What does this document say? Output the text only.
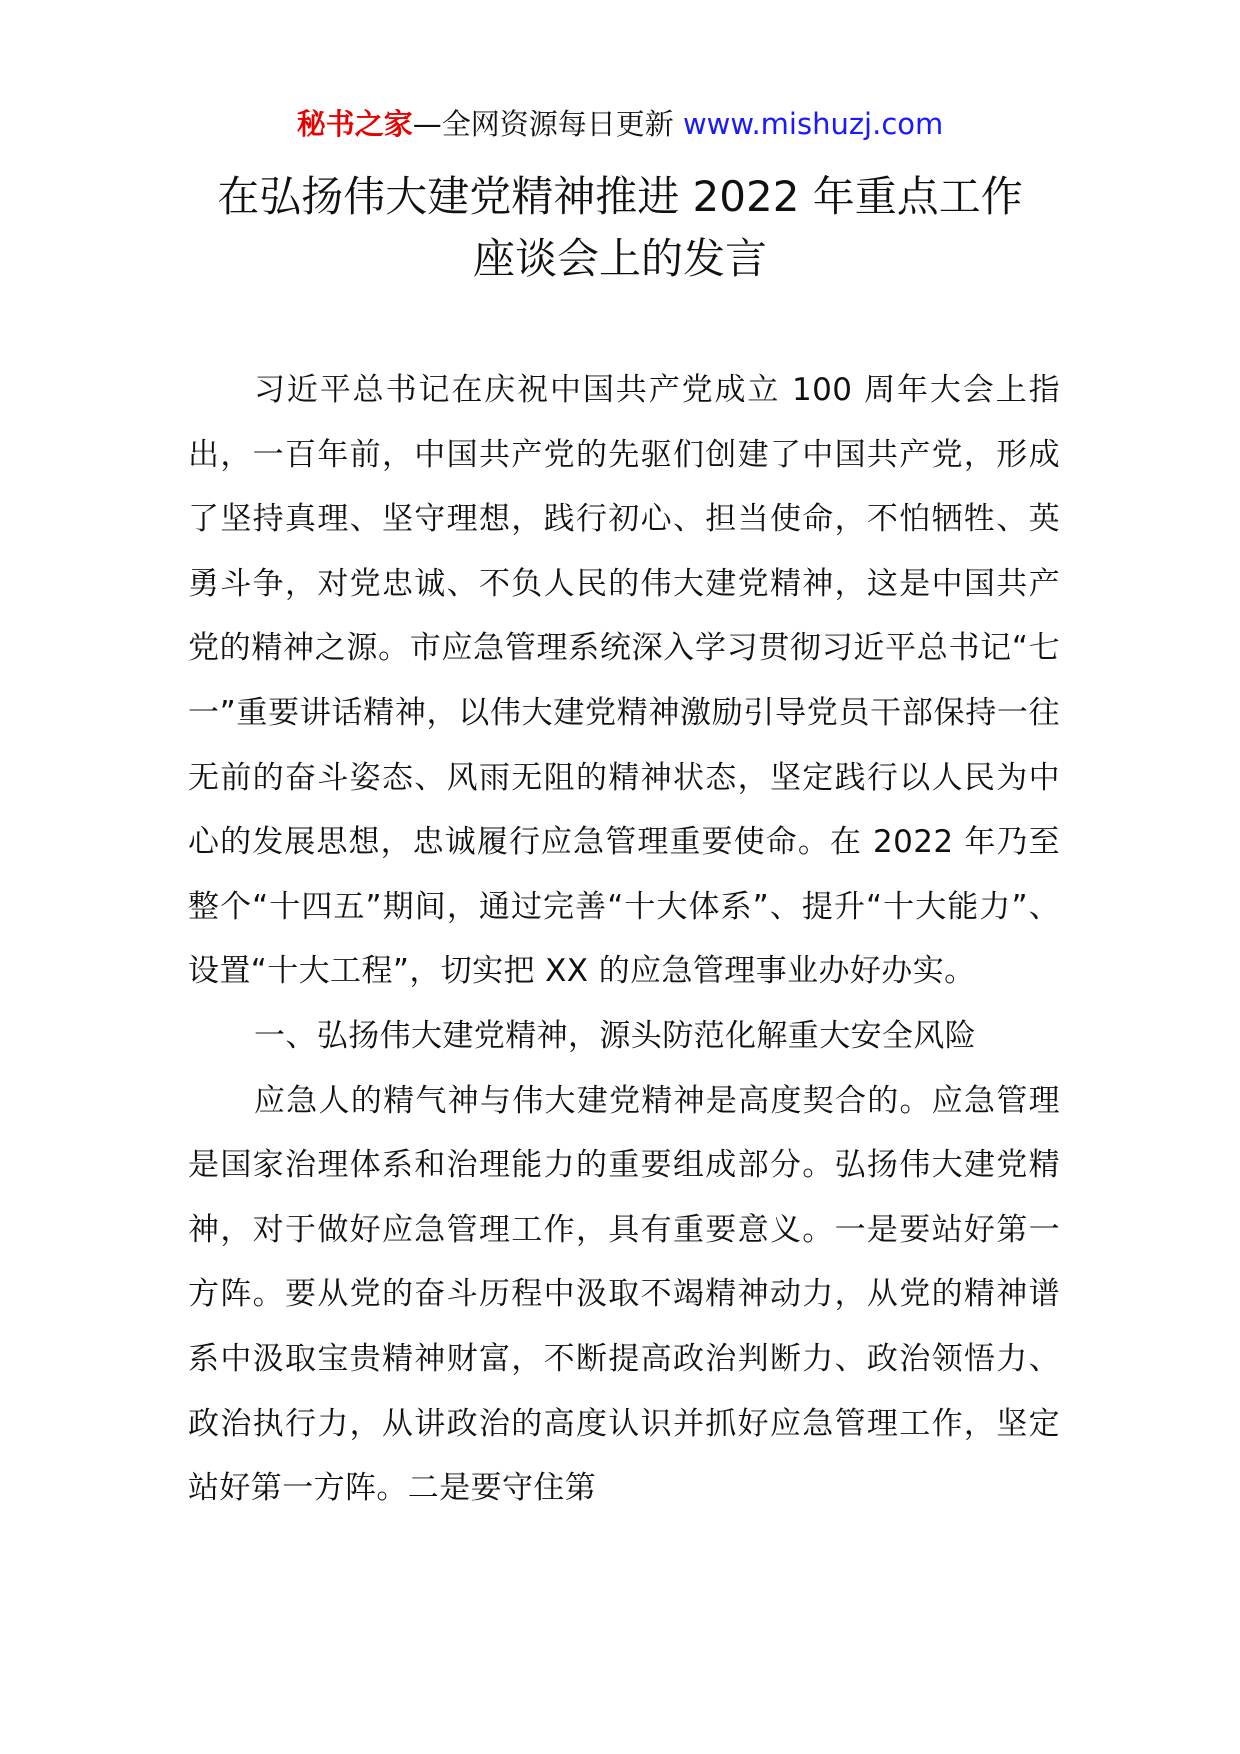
秘书之家—全网资源每日更新 www.mishuzj.com
在弘扬伟大建党精神推进 2022 年重点工作
座谈会上的发言

习近平总书记在庆祝中国共产党成立 100 周年大会上指出，一百年前，中国共产党的先驱们创建了中国共产党，形成了坚持真理、坚守理想，践行初心、担当使命，不怕牺牲、英勇斗争，对党忠诚、不负人民的伟大建党精神，这是中国共产党的精神之源。市应急管理系统深入学习贯彻习近平总书记“七一”重要讲话精神，以伟大建党精神激励引导党员干部保持一往无前的奋斗姿态、风雨无阻的精神状态，坚定践行以人民为中心的发展思想，忠诚履行应急管理重要使命。在 2022 年乃至整个“十四五”期间，通过完善“十大体系”、提升“十大能力”、设置“十大工程”，切实把 XX 的应急管理事业办好办实。

一、弘扬伟大建党精神，源头防范化解重大安全风险

应急人的精气神与伟大建党精神是高度契合的。应急管理是国家治理体系和治理能力的重要组成部分。弘扬伟大建党精神，对于做好应急管理工作，具有重要意义。一是要站好第一方阵。要从党的奋斗历程中汲取不竭精神动力，从党的精神谱系中汲取宝贵精神财富，不断提高政治判断力、政治领悟力、政治执行力，从讲政治的高度认识并抓好应急管理工作，坚定站好第一方阵。二是要守住第
